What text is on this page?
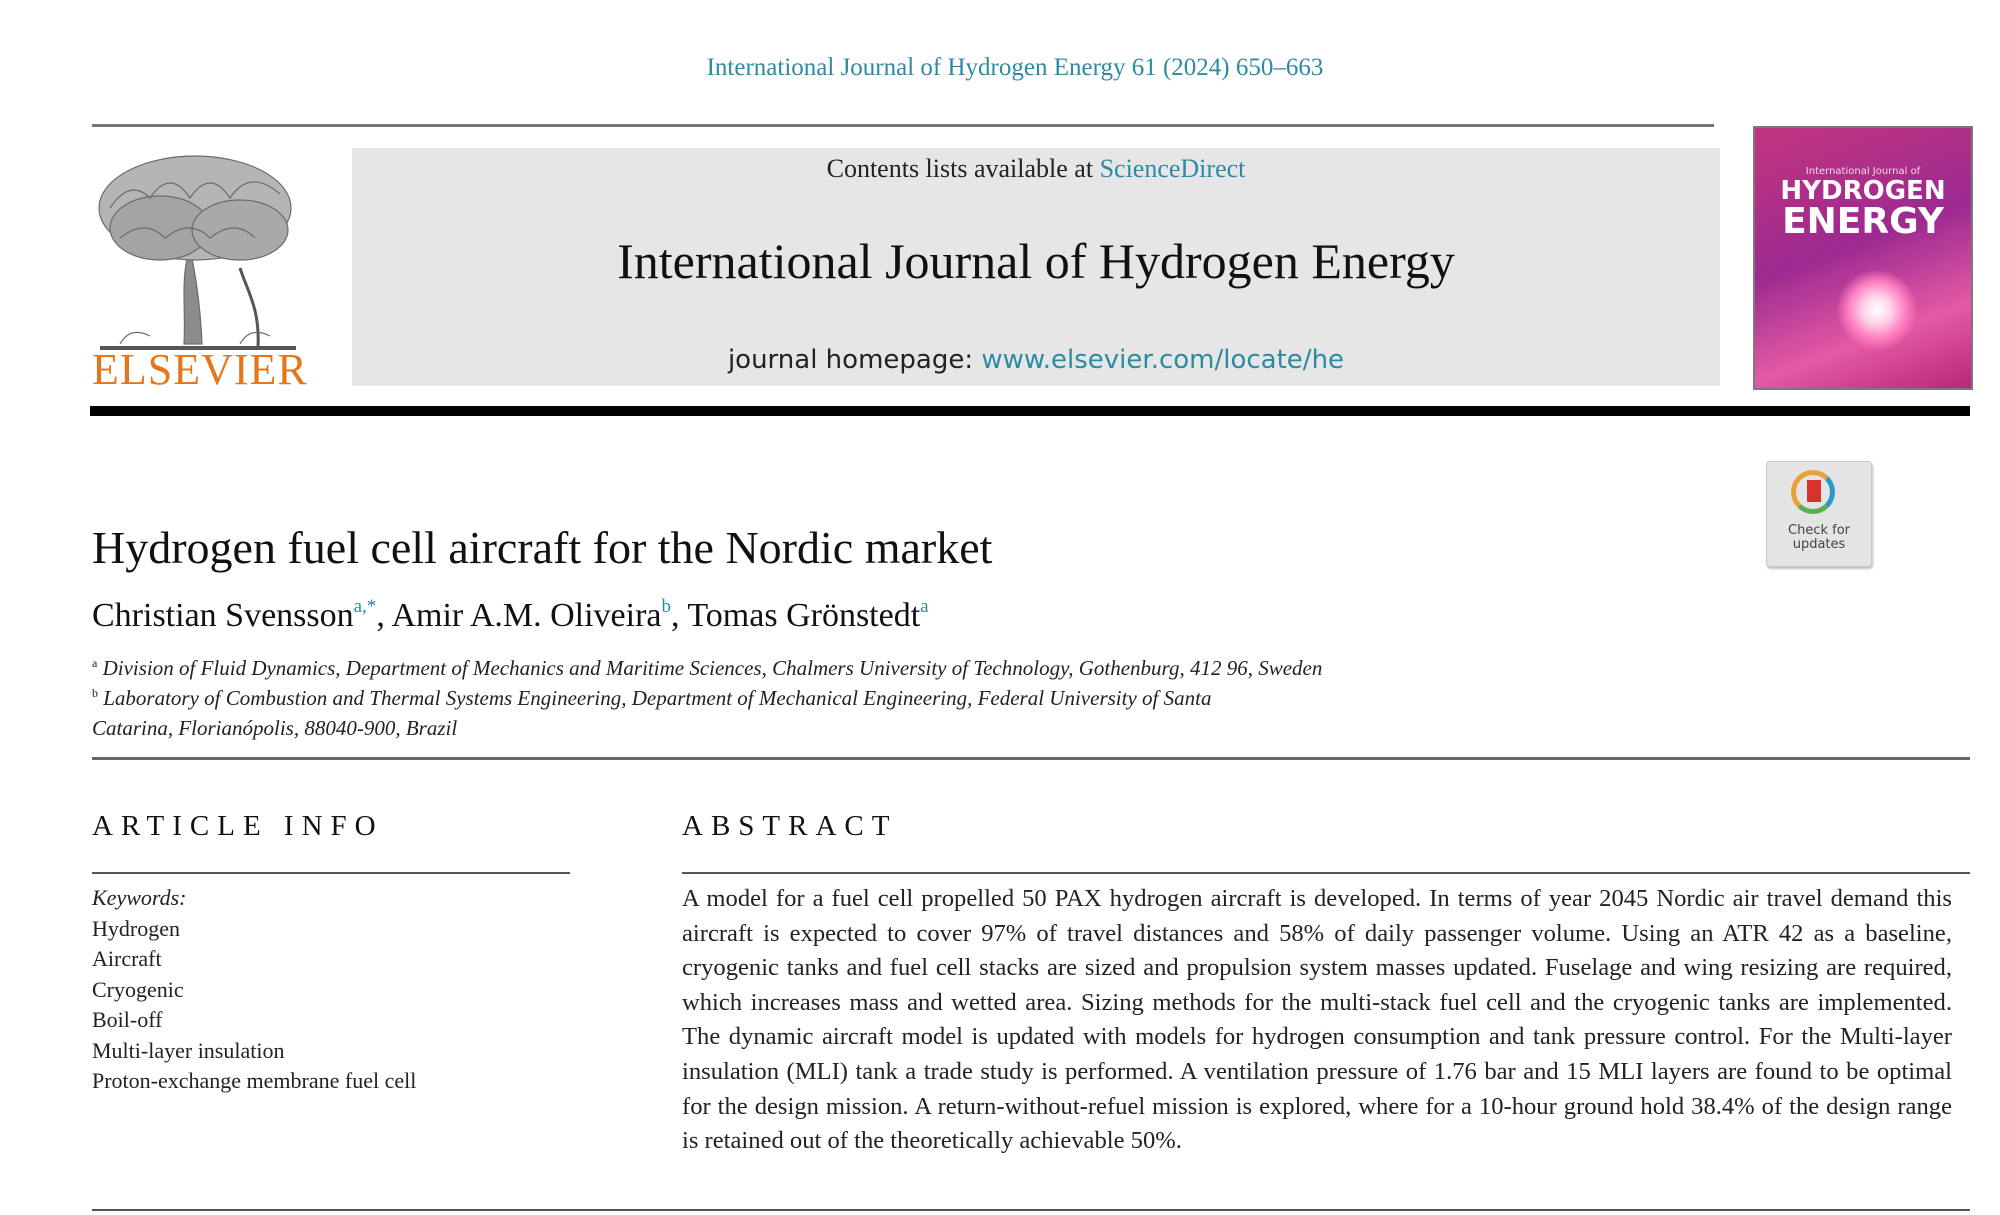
International Journal of Hydrogen Energy 61 (2024) 650–663
ELSEVIER
Contents lists available at ScienceDirect
International Journal of Hydrogen Energy
journal homepage: www.elsevier.com/locate/he
International Journal of
HYDROGEN
ENERGY
Check for
updates
Hydrogen fuel cell aircraft for the Nordic market
Christian Svensson$^{a,*}$, Amir A.M. Oliveira$^b$, Tomas Grönstedt$^a$
$^a$ Division of Fluid Dynamics, Department of Mechanics and Maritime Sciences, Chalmers University of Technology, Gothenburg, 412 96, Sweden
$^b$ Laboratory of Combustion and Thermal Systems Engineering, Department of Mechanical Engineering, Federal University of Santa
Catarina, Florianópolis, 88040-900, Brazil
ARTICLE INFO	ABSTRACT
Keywords:
Hydrogen
Aircraft
Cryogenic
Boil-off
Multi-layer insulation
Proton-exchange membrane fuel cell
A model for a fuel cell propelled 50 PAX hydrogen aircraft is developed. In terms of year 2045 Nordic air travel demand this aircraft is expected to cover 97% of travel distances and 58% of daily passenger volume. Using an ATR 42 as a baseline, cryogenic tanks and fuel cell stacks are sized and propulsion system masses updated. Fuselage and wing resizing are required, which increases mass and wetted area. Sizing methods for the multi-stack fuel cell and the cryogenic tanks are implemented. The dynamic aircraft model is updated with models for hydrogen consumption and tank pressure control. For the Multi-layer insulation (MLI) tank a trade study is performed. A ventilation pressure of 1.76 bar and 15 MLI layers are found to be optimal for the design mission. A return-without-refuel mission is explored, where for a 10-hour ground hold 38.4% of the design range is retained out of the theoretically achievable 50%.
